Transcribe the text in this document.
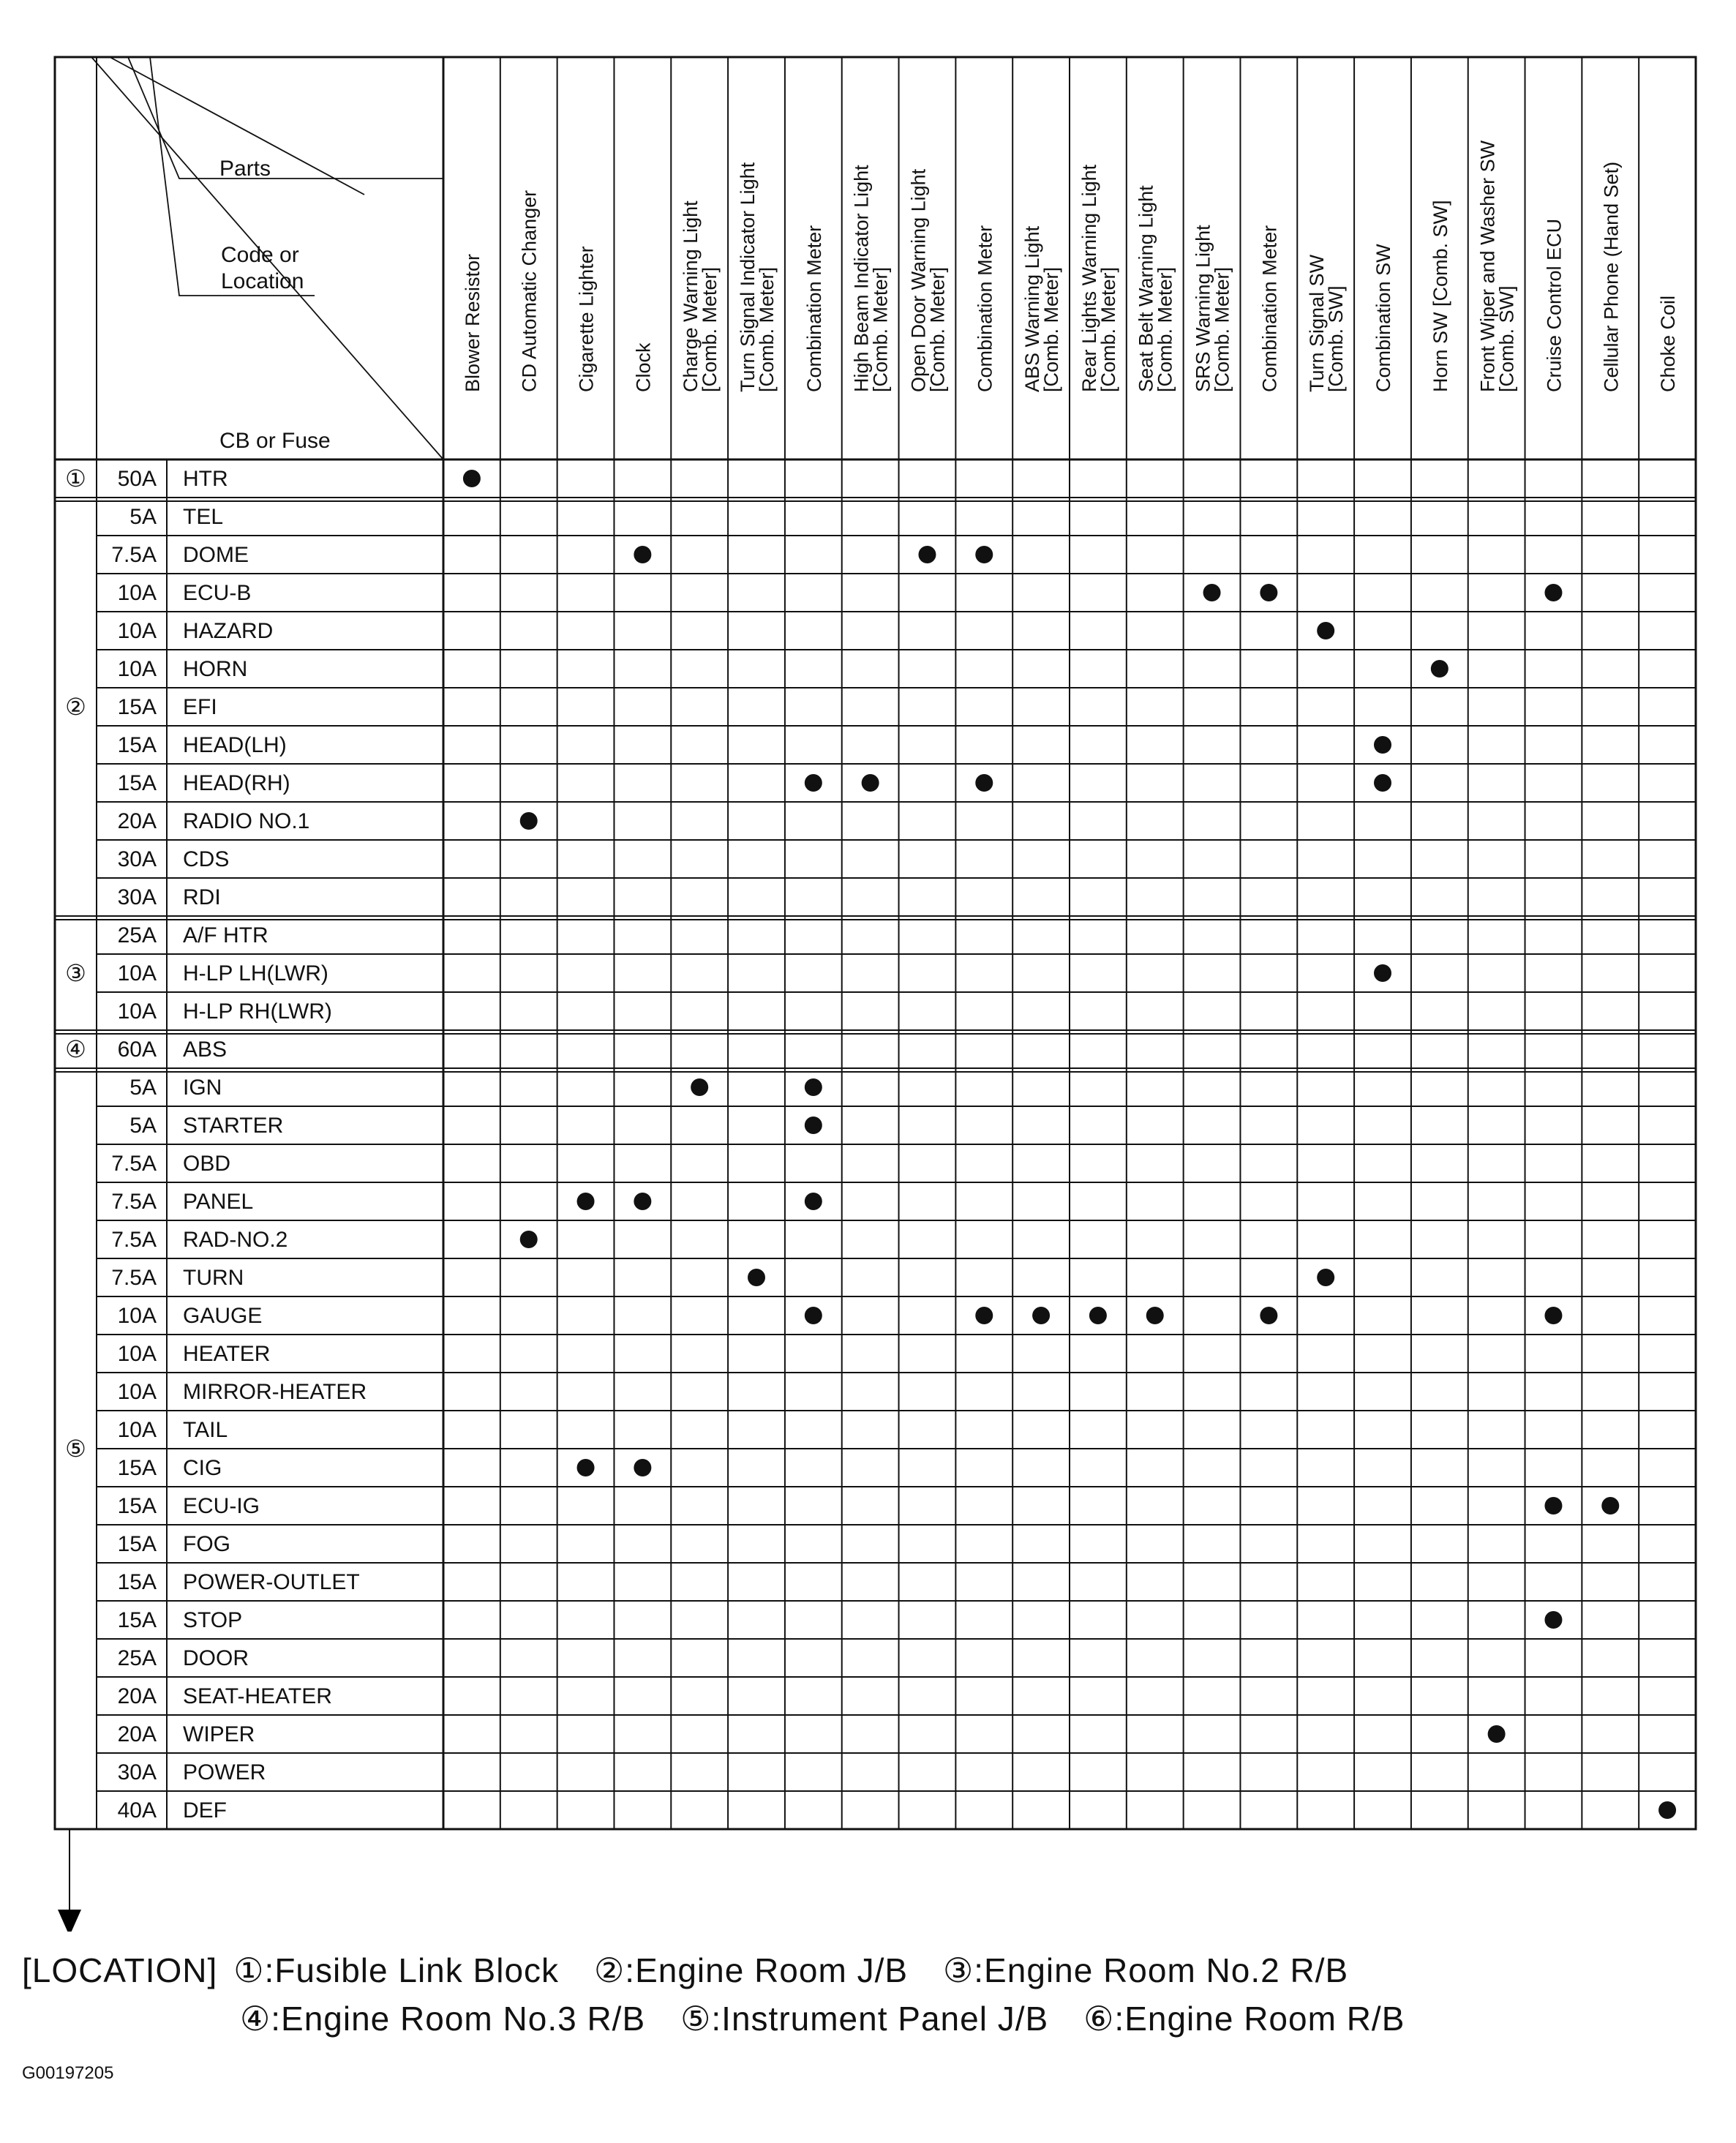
Parts
Code or
Location
CB or Fuse
Blower Resistor CD Automatic Changer Cigarette Lighter Clock Charge Warning Light
[Comb. Meter] Turn Signal Indicator Light
[Comb. Meter] Combination Meter High Beam Indicator Light
[Comb. Meter] Open Door Warning Light
[Comb. Meter] Combination Meter ABS Warning Light
[Comb. Meter] Rear Lights Warning Light
[Comb. Meter] Seat Belt Warning Light
[Comb. Meter] SRS Warning Light
[Comb. Meter] Combination Meter Turn Signal SW
[Comb. SW] Combination SW Horn SW [Comb. SW] Front Wiper and Washer SW
[Comb. SW] Cruise Control ECU Cellular Phone (Hand Set) Choke Coil
50A HTR
①
5A TEL
7.5A DOME
10A ECU-B
10A HAZARD
10A HORN
15A EFI
15A HEAD(LH)
15A HEAD(RH)
20A RADIO NO.1
30A CDS
30A RDI
②
25A A/F HTR
10A H-LP LH(LWR)
10A H-LP RH(LWR)
③
60A ABS
④
5A IGN
5A STARTER
7.5A OBD
7.5A PANEL
7.5A RAD-NO.2
7.5A TURN
10A GAUGE
10A HEATER
10A MIRROR-HEATER
10A TAIL
15A CIG
15A ECU-IG
15A FOG
15A POWER-OUTLET
15A STOP
25A DOOR
20A SEAT-HEATER
20A WIPER
30A POWER
40A DEF
⑤
[LOCATION] ①:Fusible Link Block ②:Engine Room J/B ③:Engine Room No.2 R/B
④:Engine Room No.3 R/B ⑤:Instrument Panel J/B ⑥:Engine Room R/B
G00197205
